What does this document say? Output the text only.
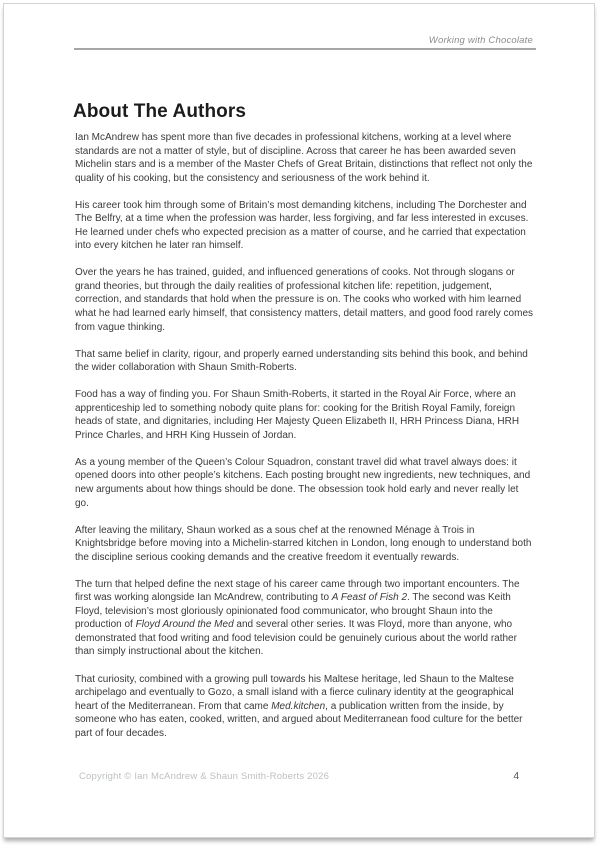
Working with Chocolate
About The Authors

Ian McAndrew has spent more than five decades in professional kitchens, working at a level where standards are not a matter of style, but of discipline. Across that career he has been awarded seven Michelin stars and is a member of the Master Chefs of Great Britain, distinctions that reflect not only the quality of his cooking, but the consistency and seriousness of the work behind it.

His career took him through some of Britain’s most demanding kitchens, including The Dorchester and The Belfry, at a time when the profession was harder, less forgiving, and far less interested in excuses. He learned under chefs who expected precision as a matter of course, and he carried that expectation into every kitchen he later ran himself.

Over the years he has trained, guided, and influenced generations of cooks. Not through slogans or grand theories, but through the daily realities of professional kitchen life: repetition, judgement, correction, and standards that hold when the pressure is on. The cooks who worked with him learned what he had learned early himself, that consistency matters, detail matters, and good food rarely comes from vague thinking.

That same belief in clarity, rigour, and properly earned understanding sits behind this book, and behind the wider collaboration with Shaun Smith-Roberts.

Food has a way of finding you. For Shaun Smith-Roberts, it started in the Royal Air Force, where an apprenticeship led to something nobody quite plans for: cooking for the British Royal Family, foreign heads of state, and dignitaries, including Her Majesty Queen Elizabeth II, HRH Princess Diana, HRH Prince Charles, and HRH King Hussein of Jordan.

As a young member of the Queen’s Colour Squadron, constant travel did what travel always does: it opened doors into other people’s kitchens. Each posting brought new ingredients, new techniques, and new arguments about how things should be done. The obsession took hold early and never really let go.

After leaving the military, Shaun worked as a sous chef at the renowned Ménage à Trois in Knightsbridge before moving into a Michelin-starred kitchen in London, long enough to understand both the discipline serious cooking demands and the creative freedom it eventually rewards.

The turn that helped define the next stage of his career came through two important encounters. The first was working alongside Ian McAndrew, contributing to A Feast of Fish 2. The second was Keith Floyd, television’s most gloriously opinionated food communicator, who brought Shaun into the production of Floyd Around the Med and several other series. It was Floyd, more than anyone, who demonstrated that food writing and food television could be genuinely curious about the world rather than simply instructional about the kitchen.

That curiosity, combined with a growing pull towards his Maltese heritage, led Shaun to the Maltese archipelago and eventually to Gozo, a small island with a fierce culinary identity at the geographical heart of the Mediterranean. From that came Med.kitchen, a publication written from the inside, by someone who has eaten, cooked, written, and argued about Mediterranean food culture for the better part of four decades.

Copyright © Ian McAndrew & Shaun Smith-Roberts 2026	4
